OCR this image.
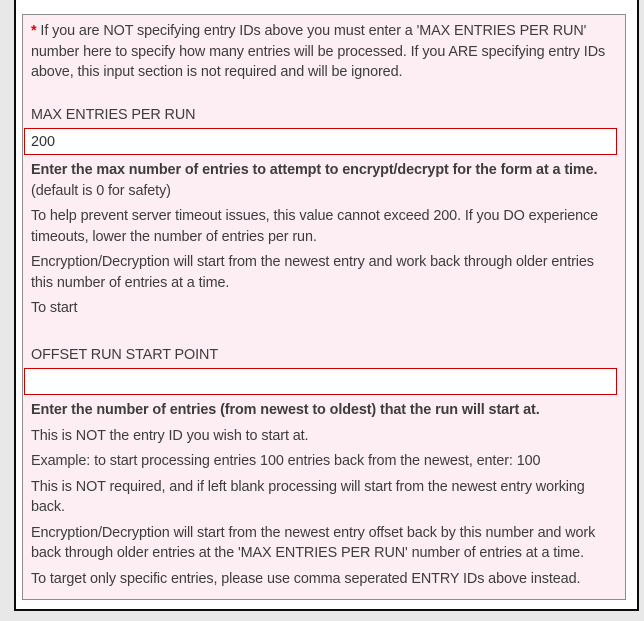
* If you are NOT specifying entry IDs above you must enter a 'MAX ENTRIES PER RUN' number here to specify how many entries will be processed. If you ARE specifying entry IDs above, this input section is not required and will be ignored.

MAX ENTRIES PER RUN
200

Enter the max number of entries to attempt to encrypt/decrypt for the form at a time. (default is 0 for safety)

To help prevent server timeout issues, this value cannot exceed 200. If you DO experience timeouts, lower the number of entries per run.

Encryption/Decryption will start from the newest entry and work back through older entries this number of entries at a time.

To start

OFFSET RUN START POINT

Enter the number of entries (from newest to oldest) that the run will start at.

This is NOT the entry ID you wish to start at.

Example: to start processing entries 100 entries back from the newest, enter: 100

This is NOT required, and if left blank processing will start from the newest entry working back.

Encryption/Decryption will start from the newest entry offset back by this number and work back through older entries at the 'MAX ENTRIES PER RUN' number of entries at a time.

To target only specific entries, please use comma seperated ENTRY IDs above instead.
